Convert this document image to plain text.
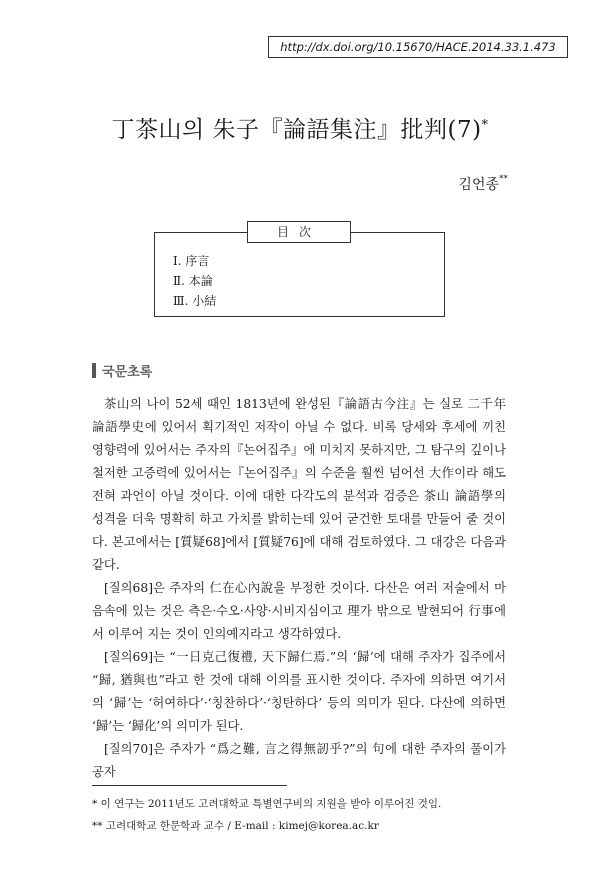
http://dx.doi.org/10.15670/HACE.2014.33.1.473
丁茶山의 朱子『論語集注』批判(7)*
김언종**
目次
Ⅰ. 序言
Ⅱ. 本論
Ⅲ. 小結
국문초록

茶山의 나이 52세 때인 1813년에 완성된『論語古今注』는 실로 二千年 論語學史에 있어서 획기적인 저작이 아닐 수 없다. 비록 당세와 후세에 끼친 영향력에 있어서는 주자의『논어집주』에 미치지 못하지만, 그 탐구의 깊이나 철저한 고증력에 있어서는『논어집주』의 수준을 훨씬 넘어선 大作이라 해도 전혀 과언이 아닐 것이다. 이에 대한 다각도의 분석과 검증은 茶山 論語學의 성격을 더욱 명확히 하고 가치를 밝히는데 있어 굳건한 토대를 만들어 줄 것이다. 본고에서는 [質疑68]에서 [質疑76]에 대해 검토하였다. 그 대강은 다음과 같다.

[질의68]은 주자의 仁在心內說을 부정한 것이다. 다산은 여러 저술에서 마음속에 있는 것은 측은·수오·사양·시비지심이고 理가 밖으로 발현되어 行事에서 이루어 지는 것이 인의예지라고 생각하였다.

[질의69]는 “一日克己復禮, 天下歸仁焉.”의 ‘歸’에 대해 주자가 집주에서 “歸, 猶與也”라고 한 것에 대해 이의를 표시한 것이다. 주자에 의하면 여기서의 ‘歸’는 ‘허여하다’·‘칭찬하다’·‘칭탄하다’ 등의 의미가 된다. 다산에 의하면 ‘歸’는 ‘歸化’의 의미가 된다.

[질의70]은 주자가 “爲之難, 言之得無訒乎?”의 句에 대한 주자의 풀이가 공자

* 이 연구는 2011년도 고려대학교 특별연구비의 지원을 받아 이루어진 것임.

** 고려대학교 한문학과 교수 / E-mail : kimej@korea.ac.kr
